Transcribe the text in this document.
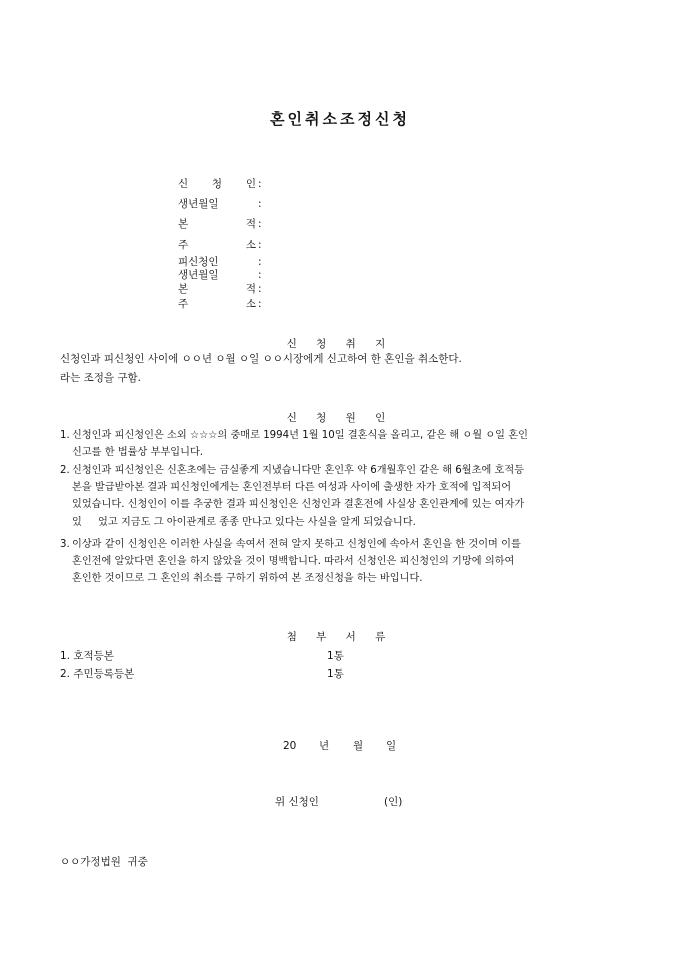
혼인취소조정신청
신 청 인 :
생년월일	:
본 적 :
주 소 :
피신청인	:
생년월일	:
본 적 :
주 소 :
신 청 취 지
신청인과 피신청인 사이에 ㅇㅇ년 ㅇ월 ㅇ일 ㅇㅇ시장에게 신고하여 한 혼인을 취소한다.
라는 조정을 구함.
신 청 원 인
1. 신청인과 피신청인은 소외 ☆☆☆의 중매로 1994년 1월 10일 결혼식을 올리고, 같은 해 ㅇ월 ㅇ일 혼인
신고를 한 법률상 부부입니다.
2. 신청인과 피신청인은 신혼초에는 금실좋게 지냈습니다만 혼인후 약 6개월후인 같은 해 6월초에 호적등
본을 발급받아본 결과 피신청인에게는 혼인전부터 다른 여성과 사이에 출생한 자가 호적에 입적되어
있었습니다. 신청인이 이를 추궁한 결과 피신청인은 신청인과 결혼전에 사실상 혼인관계에 있는 여자가
있     었고 지금도 그 아이관계로 종종 만나고 있다는 사실을 알게 되었습니다.
3. 이상과 같이 신청인은 이러한 사실을 속여서 전혀 알지 못하고 신청인에 속아서 혼인을 한 것이며 이를
혼인전에 알았다면 혼인을 하지 않았을 것이 명백합니다. 따라서 신청인은 피신청인의 기망에 의하여
혼인한 것이므로 그 혼인의 취소를 구하기 위하여 본 조정신청을 하는 바입니다.
첨 부 서 류
1. 호적등본	1통
2. 주민등록등본	1통
20 년 월 일
위 신청인	(인)
ㅇㅇ가정법원  귀중
